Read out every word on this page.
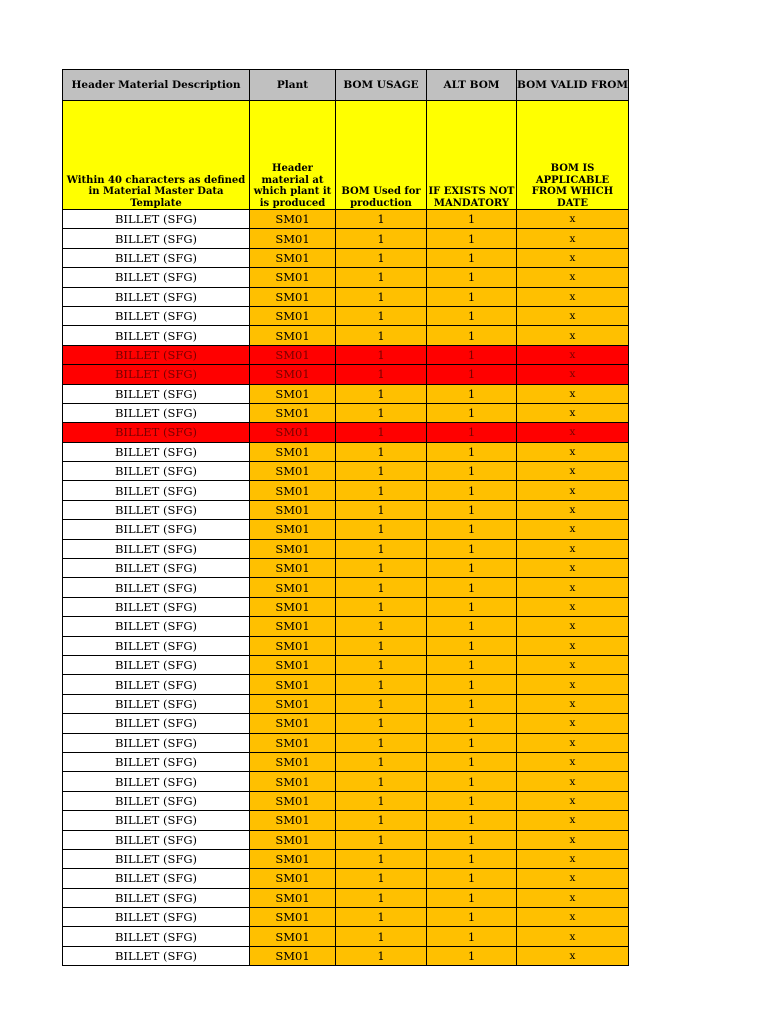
Header Material Description	Plant	BOM USAGE	ALT BOM	BOM VALID FROM
Within 40 characters as defined in Material Master Data Template	Header material at which plant it is produced	BOM Used for production	IF EXISTS NOT MANDATORY	BOM IS APPLICABLE FROM WHICH DATE
BILLET (SFG)	SM01	1	1	x
BILLET (SFG)	SM01	1	1	x
BILLET (SFG)	SM01	1	1	x
BILLET (SFG)	SM01	1	1	x
BILLET (SFG)	SM01	1	1	x
BILLET (SFG)	SM01	1	1	x
BILLET (SFG)	SM01	1	1	x
BILLET (SFG)	SM01	1	1	x
BILLET (SFG)	SM01	1	1	x
BILLET (SFG)	SM01	1	1	x
BILLET (SFG)	SM01	1	1	x
BILLET (SFG)	SM01	1	1	x
BILLET (SFG)	SM01	1	1	x
BILLET (SFG)	SM01	1	1	x
BILLET (SFG)	SM01	1	1	x
BILLET (SFG)	SM01	1	1	x
BILLET (SFG)	SM01	1	1	x
BILLET (SFG)	SM01	1	1	x
BILLET (SFG)	SM01	1	1	x
BILLET (SFG)	SM01	1	1	x
BILLET (SFG)	SM01	1	1	x
BILLET (SFG)	SM01	1	1	x
BILLET (SFG)	SM01	1	1	x
BILLET (SFG)	SM01	1	1	x
BILLET (SFG)	SM01	1	1	x
BILLET (SFG)	SM01	1	1	x
BILLET (SFG)	SM01	1	1	x
BILLET (SFG)	SM01	1	1	x
BILLET (SFG)	SM01	1	1	x
BILLET (SFG)	SM01	1	1	x
BILLET (SFG)	SM01	1	1	x
BILLET (SFG)	SM01	1	1	x
BILLET (SFG)	SM01	1	1	x
BILLET (SFG)	SM01	1	1	x
BILLET (SFG)	SM01	1	1	x
BILLET (SFG)	SM01	1	1	x
BILLET (SFG)	SM01	1	1	x
BILLET (SFG)	SM01	1	1	x
BILLET (SFG)	SM01	1	1	x
